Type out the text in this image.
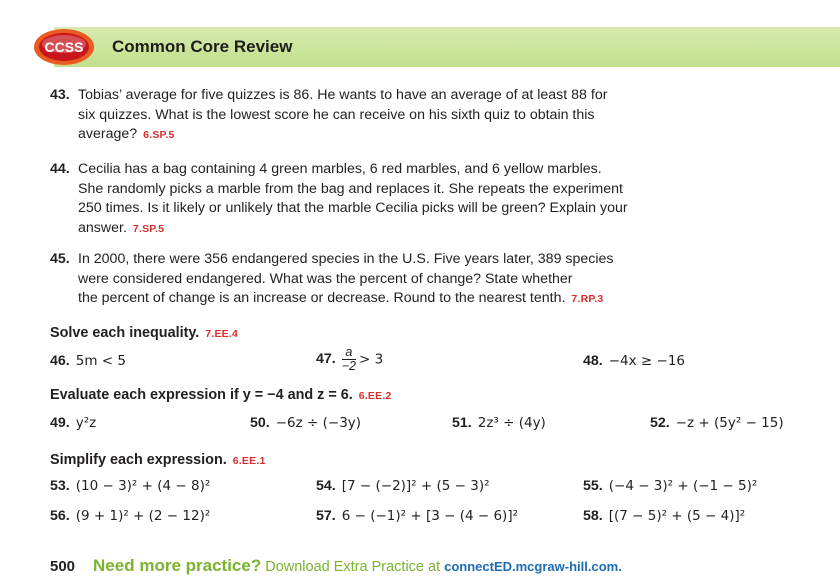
CCSS Common Core Review
43. Tobias’ average for five quizzes is 86. He wants to have an average of at least 88 for
six quizzes. What is the lowest score he can receive on his sixth quiz to obtain this
average? 6.SP.5
44. Cecilia has a bag containing 4 green marbles, 6 red marbles, and 6 yellow marbles.
She randomly picks a marble from the bag and replaces it. She repeats the experiment
250 times. Is it likely or unlikely that the marble Cecilia picks will be green? Explain your
answer. 7.SP.5
45. In 2000, there were 356 endangered species in the U.S. Five years later, 389 species
were considered endangered. What was the percent of change? State whether
the percent of change is an increase or decrease. Round to the nearest tenth. 7.RP.3
Solve each inequality. 7.EE.4
46. 5m < 5	47. $\frac{a}{-2} > 3$	48. −4x ≥ −16
Evaluate each expression if y = −4 and z = 6. 6.EE.2
49. y²z	50. −6z ÷ (−3y)	51. 2z³ ÷ (4y)	52. −z + (5y² − 15)
Simplify each expression. 6.EE.1
53. (10 − 3)² + (4 − 8)²	54. [7 − (−2)]² + (5 − 3)²	55. (−4 − 3)² + (−1 − 5)²
56. (9 + 1)² + (2 − 12)²	57. 6 − (−1)² + [3 − (4 − 6)]²	58. [(7 − 5)² + (5 − 4)]²
500 Need more practice? Download Extra Practice at connectED.mcgraw-hill.com.
